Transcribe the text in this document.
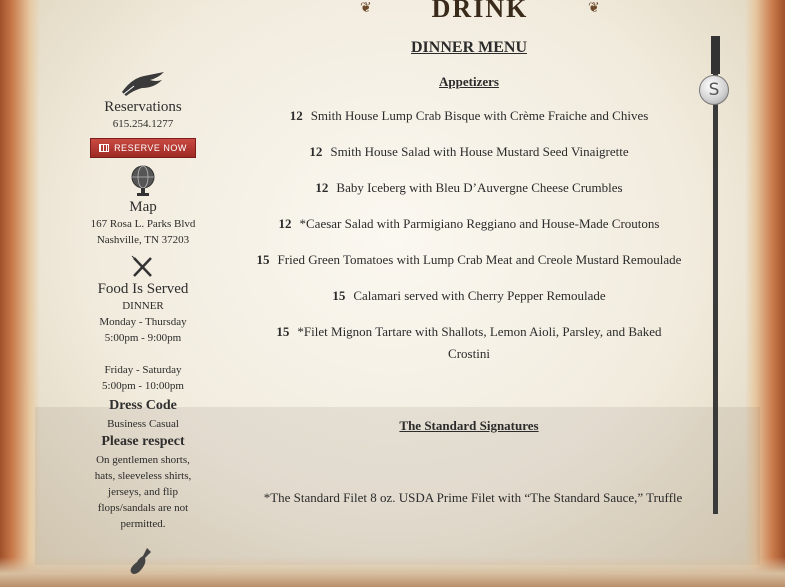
❦	DRINK	❦
Reservations
615.254.1277
RESERVE NOW
Map
167 Rosa L. Parks Blvd
Nashville, TN 37203
Food Is Served
DINNER
Monday - Thursday
5:00pm - 9:00pm
Friday - Saturday
5:00pm - 10:00pm
Dress Code
Business Casual
Please respect
On gentlemen shorts, hats, sleeveless shirts, jerseys, and flip flops/sandals are not permitted.
DINNER MENU
Appetizers
12 Smith House Lump Crab Bisque with Crème Fraiche and Chives
12 Smith House Salad with House Mustard Seed Vinaigrette
12 Baby Iceberg with Bleu D’Auvergne Cheese Crumbles
12 *Caesar Salad with Parmigiano Reggiano and House-Made Croutons
15 Fried Green Tomatoes with Lump Crab Meat and Creole Mustard Remoulade
15 Calamari served with Cherry Pepper Remoulade
15 *Filet Mignon Tartare with Shallots, Lemon Aioli, Parsley, and Baked Crostini
The Standard Signatures
*The Standard Filet 8 oz. USDA Prime Filet with “The Standard Sauce,” Truffle
S
